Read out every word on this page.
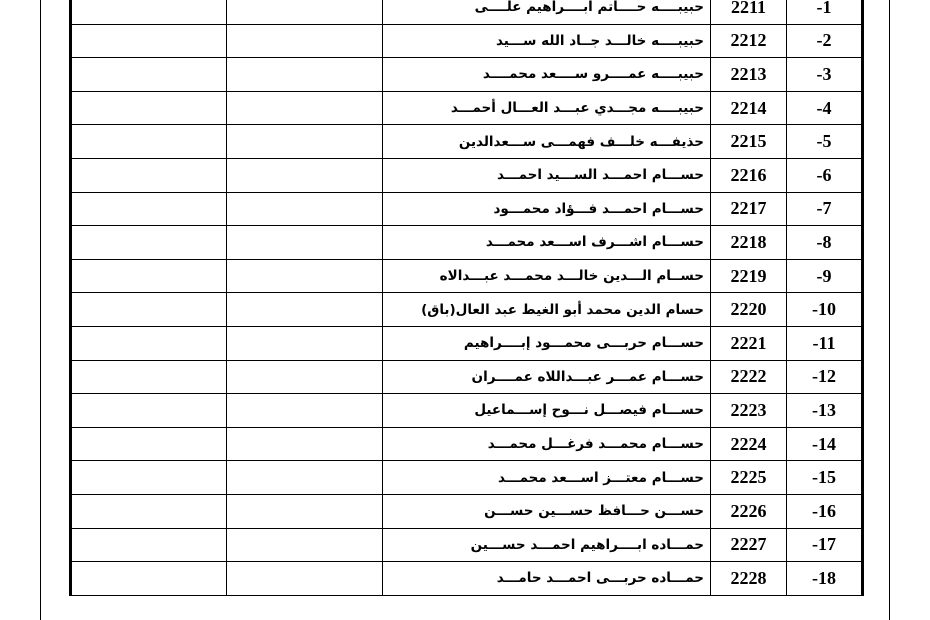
		حبيبــــه حــــاتم ابــــراهيم علــــى	2211	-1
		حبيبــــه خالـــد جــاد الله ســـيد	2212	-2
		حبيبــــه عمــــرو ســــعد محمــــد	2213	-3
		حبيبــــه مجـــدي عبـــد العـــال أحمـــد	2214	-4
		حذيفـــه خلـــف فهمـــى ســـعدالدين	2215	-5
		حســـام احمـــد الســـيد احمـــد	2216	-6
		حســـام احمـــد فـــؤاد محمـــود	2217	-7
		حســـام اشـــرف اســـعد محمـــد	2218	-8
		حســام الـــدين خالـــد محمـــد عبـــدالاه	2219	-9
		حسام الدين محمد أبو الغيط عبد العال(باق)	2220	-10
		حســـام حربـــى محمـــود إبــــراهيم	2221	-11
		حســـام عمـــر عبـــداللاه عمــــران	2222	-12
		حســـام فيصـــل نـــوح إســـماعيل	2223	-13
		حســـام محمـــد فرغـــل محمـــد	2224	-14
		حســـام معتـــز اســـعد محمـــد	2225	-15
		حســـن حـــافظ حســـين حســـن	2226	-16
		حمـــاده ابــــراهيم احمـــد حســـين	2227	-17
		حمـــاده حربـــى احمـــد حامـــد	2228	-18
